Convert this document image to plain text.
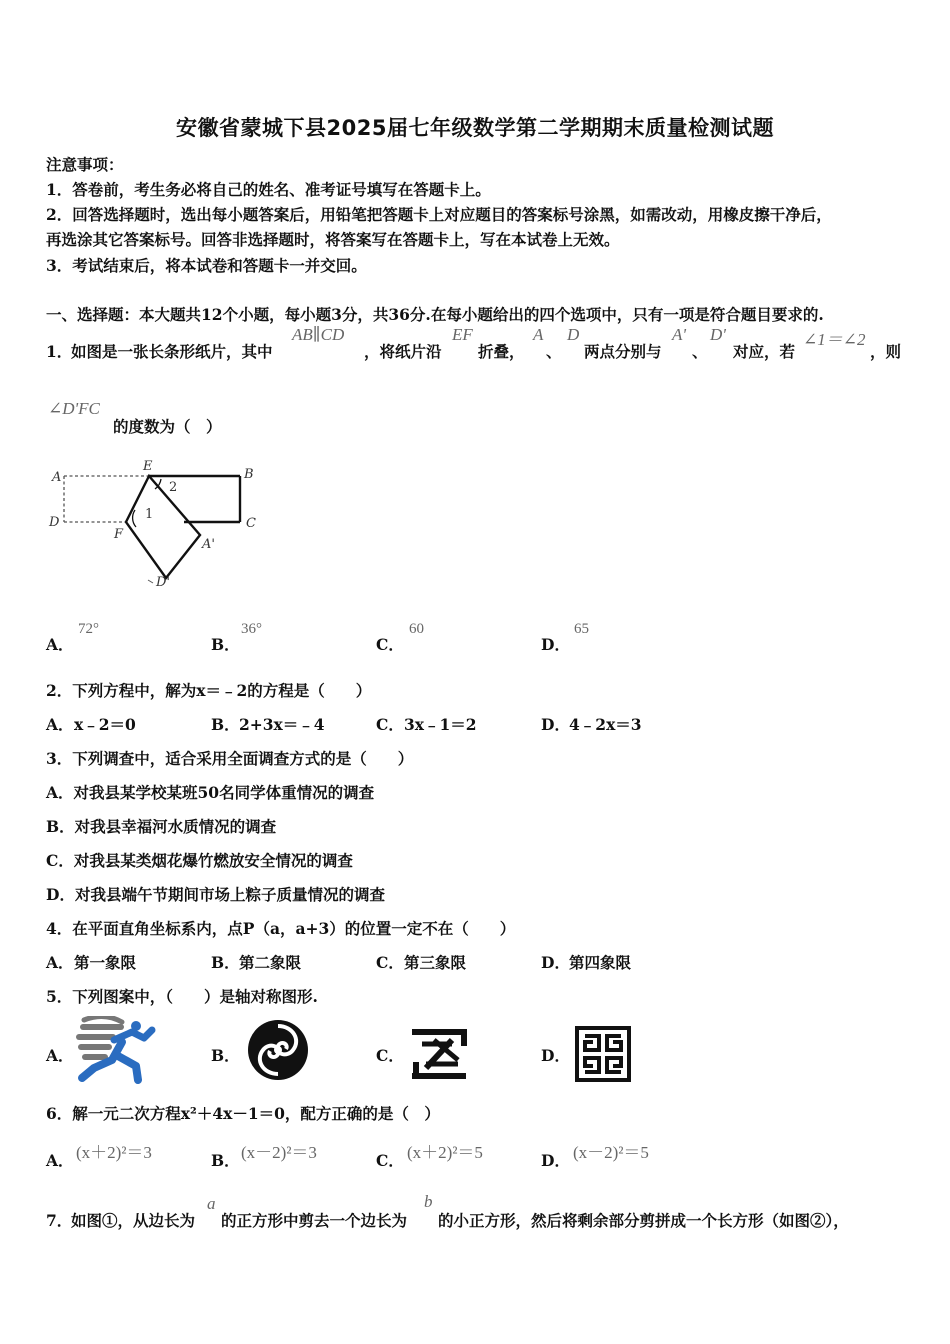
安徽省蒙城下县2025届七年级数学第二学期期末质量检测试题
注意事项：
1．答卷前，考生务必将自己的姓名、准考证号填写在答题卡上。
2．回答选择题时，选出每小题答案后，用铅笔把答题卡上对应题目的答案标号涂黑，如需改动，用橡皮擦干净后，
再选涂其它答案标号。回答非选择题时，将答案写在答题卡上，写在本试卷上无效。
3．考试结束后，将本试卷和答题卡一并交回。
一、选择题：本大题共12个小题，每小题3分，共36分.在每小题给出的四个选项中，只有一项是符合题目要求的.
1．
如图是一张长条形纸片，其中
AB∥CD
，将纸片沿
EF
折叠，
A
、
D
两点分别与
A'
、
D'
对应，若
∠1＝∠2
，则
∠D'FC
的度数为（　）
A
E
B
D	C
F
A'
D'
1
2
A．
72°
B．
36°
C．
60
D．
65
2．下列方程中，解为x＝﹣2的方程是（　　）
A． x﹣2＝0	B． 2+3x＝﹣4	C． 3x﹣1＝2	D． 4﹣2x＝3
3．下列调查中，适合采用全面调查方式的是（　　）
A．对我县某学校某班50名同学体重情况的调查
B．对我县幸福河水质情况的调查
C．对我县某类烟花爆竹燃放安全情况的调查
D．对我县端午节期间市场上粽子质量情况的调查
4．在平面直角坐标系内，点P（a，a+3）的位置一定不在（　　）
A． 第一象限	B． 第二象限	C． 第三象限	D． 第四象限
5．下列图案中，（　　）是轴对称图形.
A．	B．	C．	D．
6．解一元二次方程x²＋4x－1＝0，配方正确的是（　）
A． (x＋2)²＝3	B． (x－2)²＝3	C． (x＋2)²＝5	D． (x－2)²＝5
7．
如图①，从边长为
a
的正方形中剪去一个边长为
b
的小正方形，然后将剩余部分剪拼成一个长方形（如图②），
